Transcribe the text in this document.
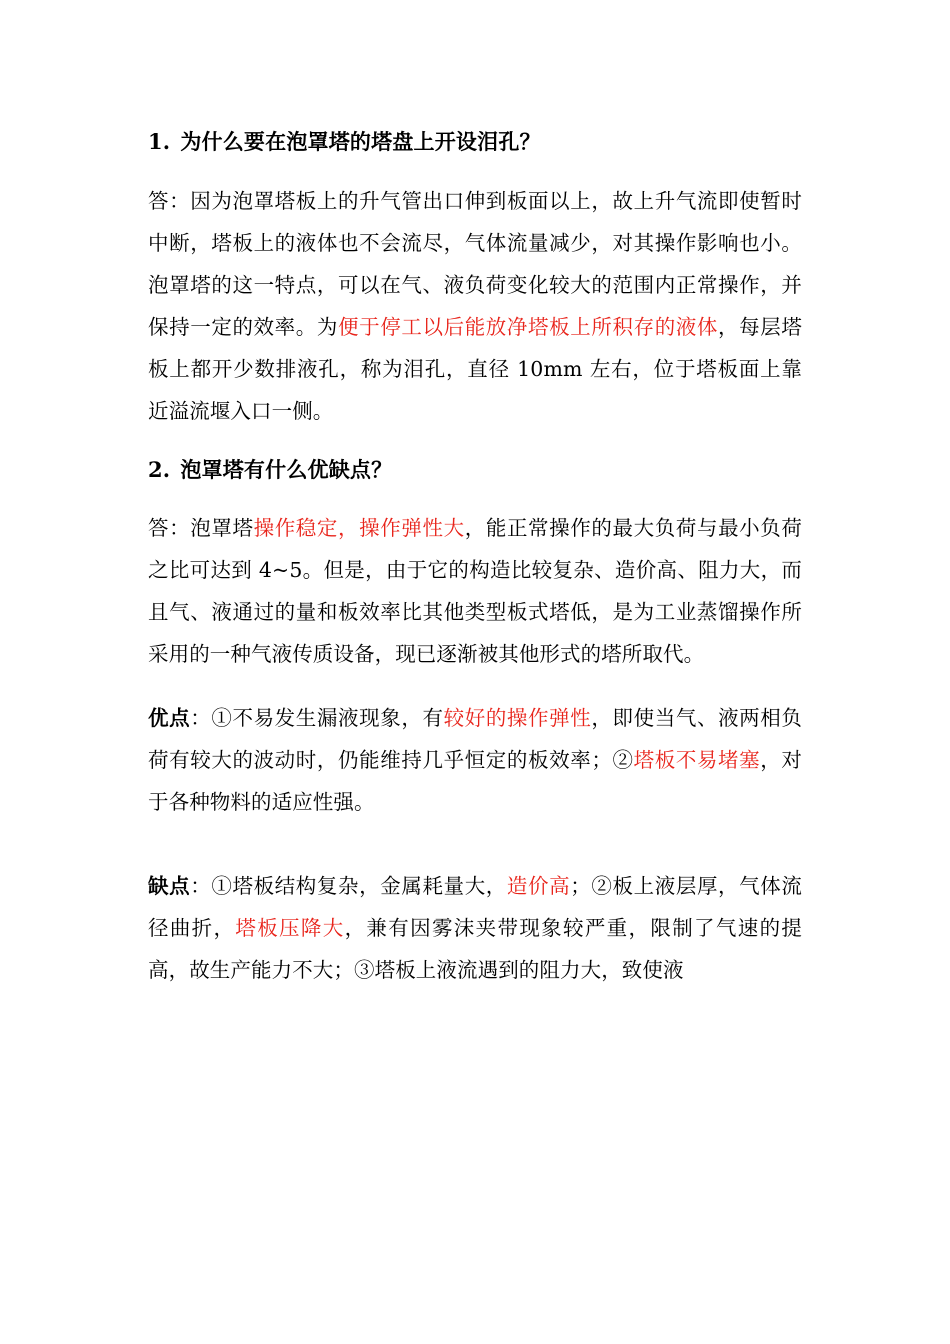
1. 为什么要在泡罩塔的塔盘上开设泪孔？

答：因为泡罩塔板上的升气管出口伸到板面以上，故上升气流即使暂时中断，塔板上的液体也不会流尽，气体流量减少，对其操作影响也小。泡罩塔的这一特点，可以在气、液负荷变化较大的范围内正常操作，并保持一定的效率。为便于停工以后能放净塔板上所积存的液体，每层塔板上都开少数排液孔，称为泪孔，直径 10mm 左右，位于塔板面上靠近溢流堰入口一侧。

2. 泡罩塔有什么优缺点？

答：泡罩塔操作稳定，操作弹性大，能正常操作的最大负荷与最小负荷之比可达到 4~5。但是，由于它的构造比较复杂、造价高、阻力大，而且气、液通过的量和板效率比其他类型板式塔低，是为工业蒸馏操作所采用的一种气液传质设备，现已逐渐被其他形式的塔所取代。

优点：①不易发生漏液现象，有较好的操作弹性，即使当气、液两相负荷有较大的波动时，仍能维持几乎恒定的板效率；②塔板不易堵塞，对于各种物料的适应性强。

缺点：①塔板结构复杂，金属耗量大，造价高；②板上液层厚，气体流径曲折，塔板压降大，兼有因雾沫夹带现象较严重，限制了气速的提高，故生产能力不大；③塔板上液流遇到的阻力大，致使液
